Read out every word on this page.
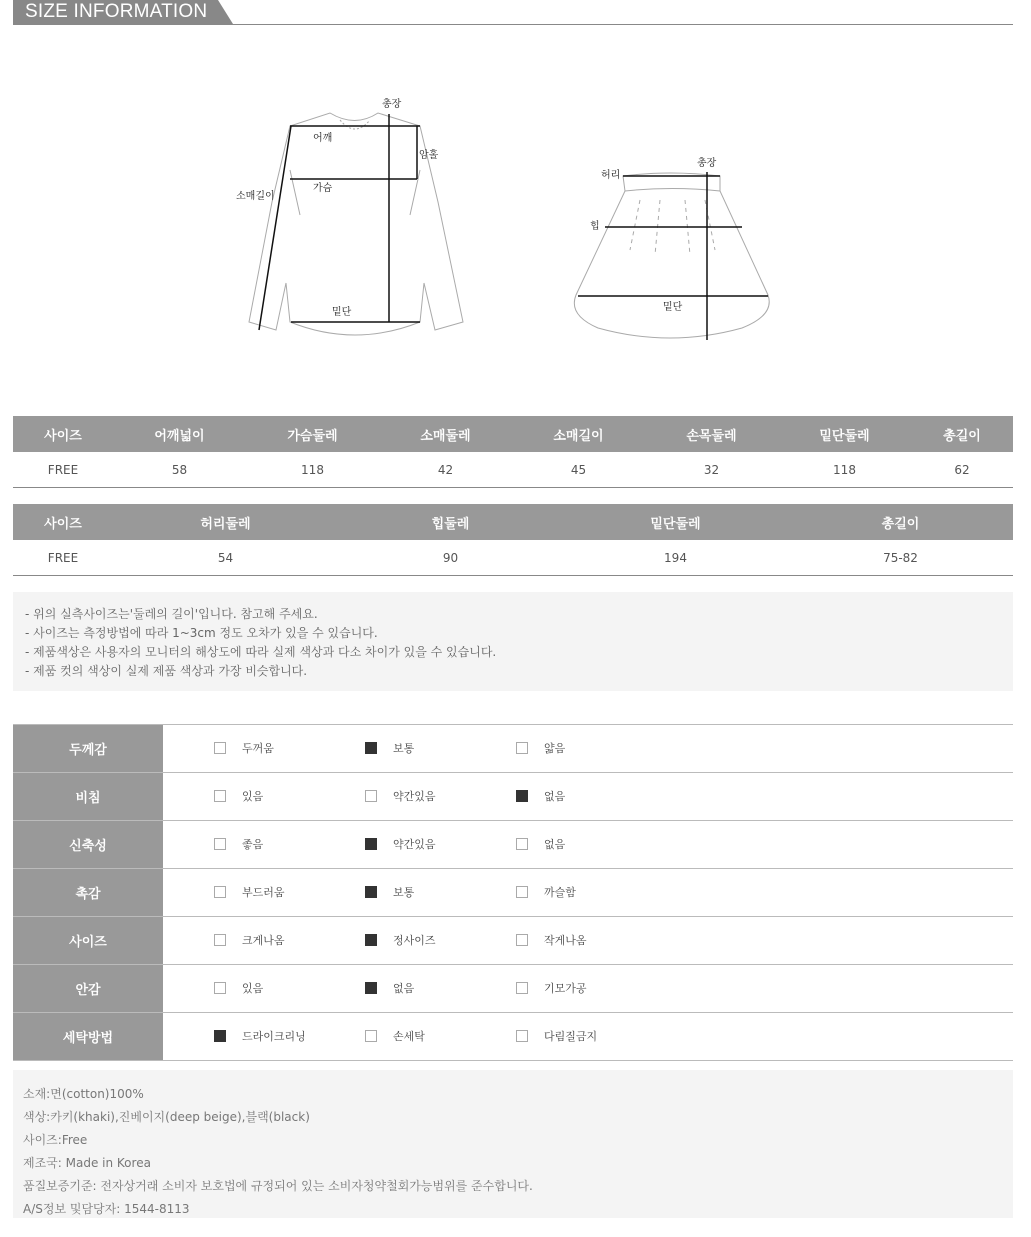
SIZE INFORMATION
총장
어깨
암홀
가슴
소매길이
밑단
총장
허리
힙
밑단
사이즈	어깨넓이	가슴둘레	소매둘레	소매길이	손목둘레	밑단둘레	총길이
FREE	58	118	42	45	32	118	62
사이즈	허리둘레	힙둘레	밑단둘레	총길이
FREE	54	90	194	75-82
- 위의 실측사이즈는'둘레의 길이'입니다. 참고해 주세요.
- 사이즈는 측정방법에 따라 1~3cm 정도 오차가 있을 수 있습니다.
- 제품색상은 사용자의 모니터의 해상도에 따라 실제 색상과 다소 차이가 있을 수 있습니다.
- 제품 컷의 색상이 실제 제품 색상과 가장 비슷합니다.
두께감	두꺼움	보통	얇음
비침	있음	약간있음	없음
신축성	좋음	약간있음	없음
촉감	부드러움	보통	까슬함
사이즈	크게나옴	정사이즈	작게나옴
안감	있음	없음	기모가공
세탁방법	드라이크리닝	손세탁	다림질금지
소재:면(cotton)100%
색상:카키(khaki),진베이지(deep beige),블랙(black)
사이즈:Free
제조국: Made in Korea
품질보증기준: 전자상거래 소비자 보호법에 규정되어 있는 소비자청약철회가능범위를 준수합니다.
A/S정보 및담당자: 1544-8113
